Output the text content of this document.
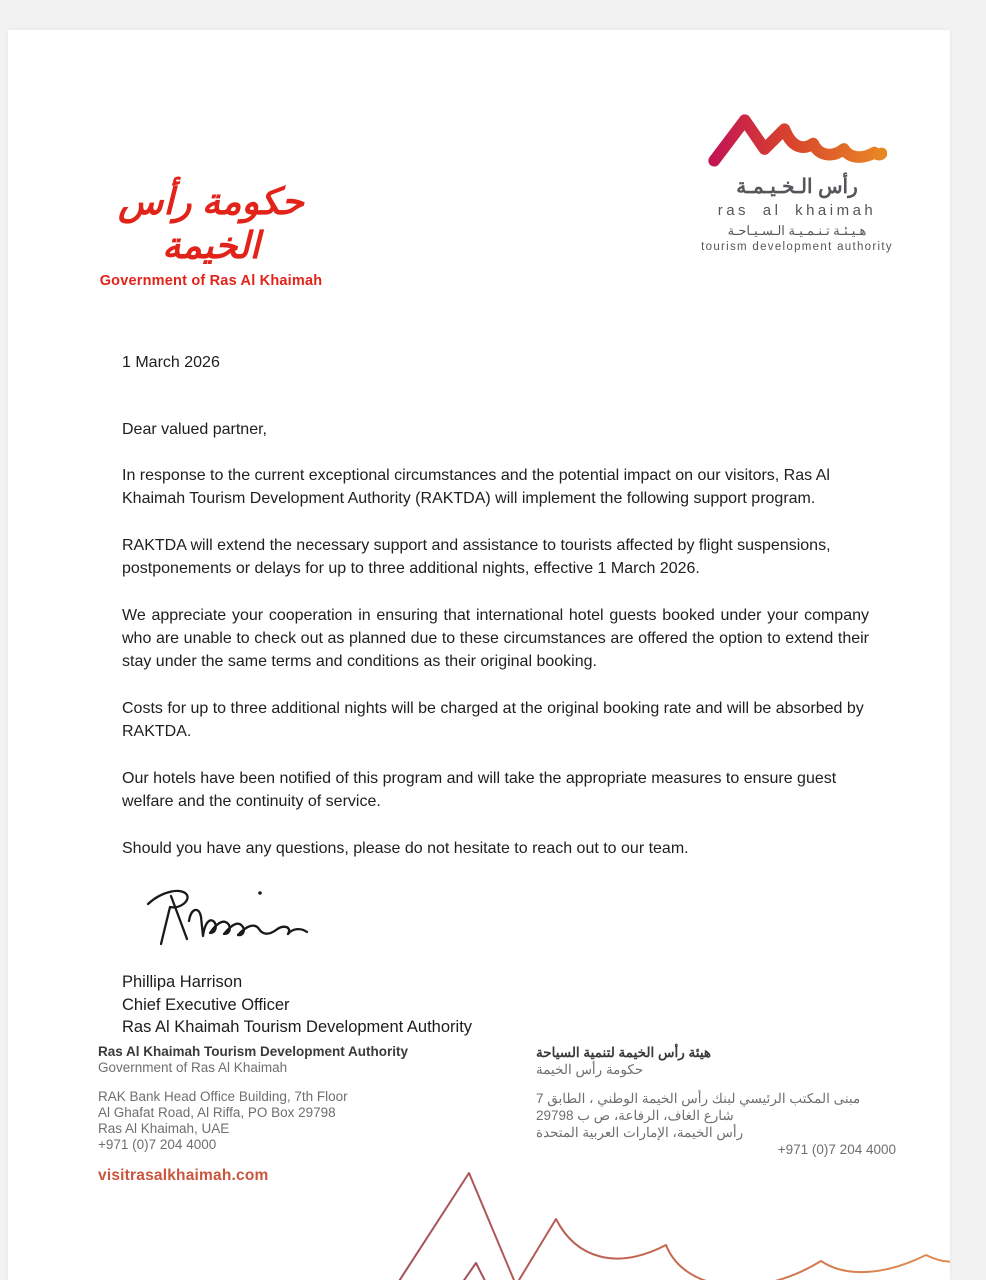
حكومة رأس الخيمة
Government of Ras Al Khaimah
رأس الـخـيـمـة
ras al khaimah
هـيـئـة تـنـمـيـة الـسـيـاحـة
tourism development authority
1 March 2026
Dear valued partner,

In response to the current exceptional circumstances and the potential impact on our visitors, Ras Al Khaimah Tourism Development Authority (RAKTDA) will implement the following support program.

RAKTDA will extend the necessary support and assistance to tourists affected by flight suspensions, postponements or delays for up to three additional nights, effective 1 March 2026.

We appreciate your cooperation in ensuring that international hotel guests booked under your company who are unable to check out as planned due to these circumstances are offered the option to extend their stay under the same terms and conditions as their original booking.

Costs for up to three additional nights will be charged at the original booking rate and will be absorbed by RAKTDA.

Our hotels have been notified of this program and will take the appropriate measures to ensure guest welfare and the continuity of service.

Should you have any questions, please do not hesitate to reach out to our team.

Phillipa Harrison
Chief Executive Officer
Ras Al Khaimah Tourism Development Authority
Ras Al Khaimah Tourism Development Authority
Government of Ras Al Khaimah
RAK Bank Head Office Building, 7th Floor
Al Ghafat Road, Al Riffa, PO Box 29798
Ras Al Khaimah, UAE
+971 (0)7 204 4000
visitrasalkhaimah.com
هيئة رأس الخيمة لتنمية السياحة
حكومة رأس الخيمة
مبنى المكتب الرئيسي لبنك رأس الخيمة الوطني ، الطابق 7
شارع الغاف، الرفاعة، ص ب 29798
رأس الخيمة، الإمارات العربية المتحدة
+971 (0)7 204 4000
